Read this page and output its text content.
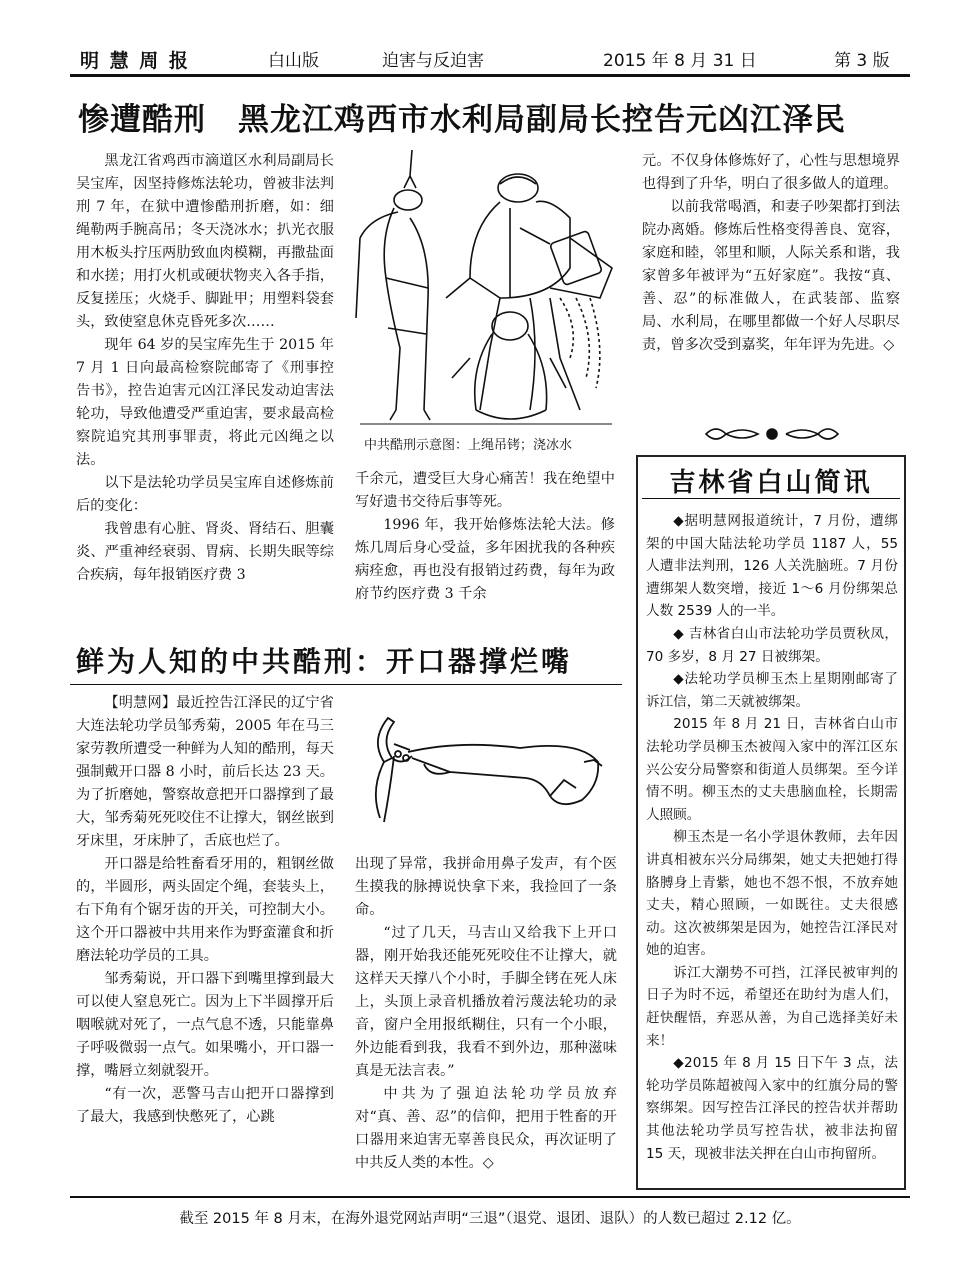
明 慧 周 报	白山版	迫害与反迫害	2015 年 8 月 31 日	第 3 版
惨遭酷刑　黑龙江鸡西市水利局副局长控告元凶江泽民

黑龙江省鸡西市滴道区水利局副局长吴宝库，因坚持修炼法轮功，曾被非法判刑 7 年，在狱中遭惨酷刑折磨，如：细绳勒两手腕高吊；冬天浇冰水；扒光衣服用木板头拧压两肋致血肉模糊，再撒盐面和水搓；用打火机或硬状物夹入各手指，反复搓压；火烧手、脚趾甲；用塑料袋套头，致使窒息休克昏死多次……

现年 64 岁的吴宝库先生于 2015 年 7 月 1 日向最高检察院邮寄了《刑事控告书》，控告迫害元凶江泽民发动迫害法轮功，导致他遭受严重迫害，要求最高检察院追究其刑事罪责，将此元凶绳之以法。

以下是法轮功学员吴宝库自述修炼前后的变化：

我曾患有心脏、肾炎、肾结石、胆囊炎、严重神经衰弱、胃病、长期失眠等综合疾病，每年报销医疗费 3

中共酷刑示意图：上绳吊铐；浇冰水

千余元，遭受巨大身心痛苦！我在绝望中写好遗书交待后事等死。

1996 年，我开始修炼法轮大法。修炼几周后身心受益，多年困扰我的各种疾病痊愈，再也没有报销过药费，每年为政府节约医疗费 3 千余

元。不仅身体修炼好了，心性与思想境界也得到了升华，明白了很多做人的道理。

以前我常喝酒，和妻子吵架都打到法院办离婚。修炼后性格变得善良、宽容，家庭和睦，邻里和顺，人际关系和谐，我家曾多年被评为“五好家庭”。我按“真、善、忍”的标准做人，在武装部、监察局、水利局，在哪里都做一个好人尽职尽责，曾多次受到嘉奖，年年评为先进。◇

鲜为人知的中共酷刑：开口器撑烂嘴

【明慧网】最近控告江泽民的辽宁省大连法轮功学员邹秀菊，2005 年在马三家劳教所遭受一种鲜为人知的酷刑，每天强制戴开口器 8 小时，前后长达 23 天。为了折磨她，警察故意把开口器撑到了最大，邹秀菊死死咬住不让撑大，钢丝嵌到牙床里，牙床肿了，舌底也烂了。

开口器是给牲畜看牙用的，粗钢丝做的，半圆形，两头固定个绳，套装头上，右下角有个锯牙齿的开关，可控制大小。这个开口器被中共用来作为野蛮灌食和折磨法轮功学员的工具。

邹秀菊说，开口器下到嘴里撑到最大可以使人窒息死亡。因为上下半圆撑开后咽喉就对死了，一点气息不透，只能靠鼻子呼吸微弱一点气。如果嘴小，开口器一撑，嘴唇立刻就裂开。

“有一次，恶警马吉山把开口器撑到了最大，我感到快憋死了，心跳

出现了异常，我拼命用鼻子发声，有个医生摸我的脉搏说快拿下来，我捡回了一条命。

“过了几天，马吉山又给我下上开口器，刚开始我还能死死咬住不让撑大，就这样天天撑八个小时，手脚全铐在死人床上，头顶上录音机播放着污蔑法轮功的录音，窗户全用报纸糊住，只有一个小眼，外边能看到我，我看不到外边，那种滋味真是无法言表。”

中共为了强迫法轮功学员放弃对“真、善、忍”的信仰，把用于牲畜的开口器用来迫害无辜善良民众，再次证明了中共反人类的本性。◇

吉林省白山简讯

◆据明慧网报道统计，7 月份，遭绑架的中国大陆法轮功学员 1187 人，55 人遭非法判刑，126 人关洗脑班。7 月份遭绑架人数突增，接近 1～6 月份绑架总人数 2539 人的一半。

◆ 吉林省白山市法轮功学员贾秋凤，70 多岁，8 月 27 日被绑架。

◆法轮功学员柳玉杰上星期刚邮寄了诉江信，第二天就被绑架。

2015 年 8 月 21 日，吉林省白山市法轮功学员柳玉杰被闯入家中的浑江区东兴公安分局警察和街道人员绑架。至今详情不明。柳玉杰的丈夫患脑血栓，长期需人照顾。

柳玉杰是一名小学退休教师，去年因讲真相被东兴分局绑架，她丈夫把她打得胳膊身上青紫，她也不怨不恨，不放弃她丈夫，精心照顾，一如既往。丈夫很感动。这次被绑架是因为，她控告江泽民对她的迫害。

诉江大潮势不可挡，江泽民被审判的日子为时不远，希望还在助纣为虐人们，赶快醒悟，弃恶从善，为自己选择美好未来！

◆2015 年 8 月 15 日下午 3 点，法轮功学员陈超被闯入家中的红旗分局的警察绑架。因写控告江泽民的控告状并帮助其他法轮功学员写控告状，被非法拘留 15 天，现被非法关押在白山市拘留所。

截至 2015 年 8 月末，在海外退党网站声明“三退”（退党、退团、退队）的人数已超过 2.12 亿。
